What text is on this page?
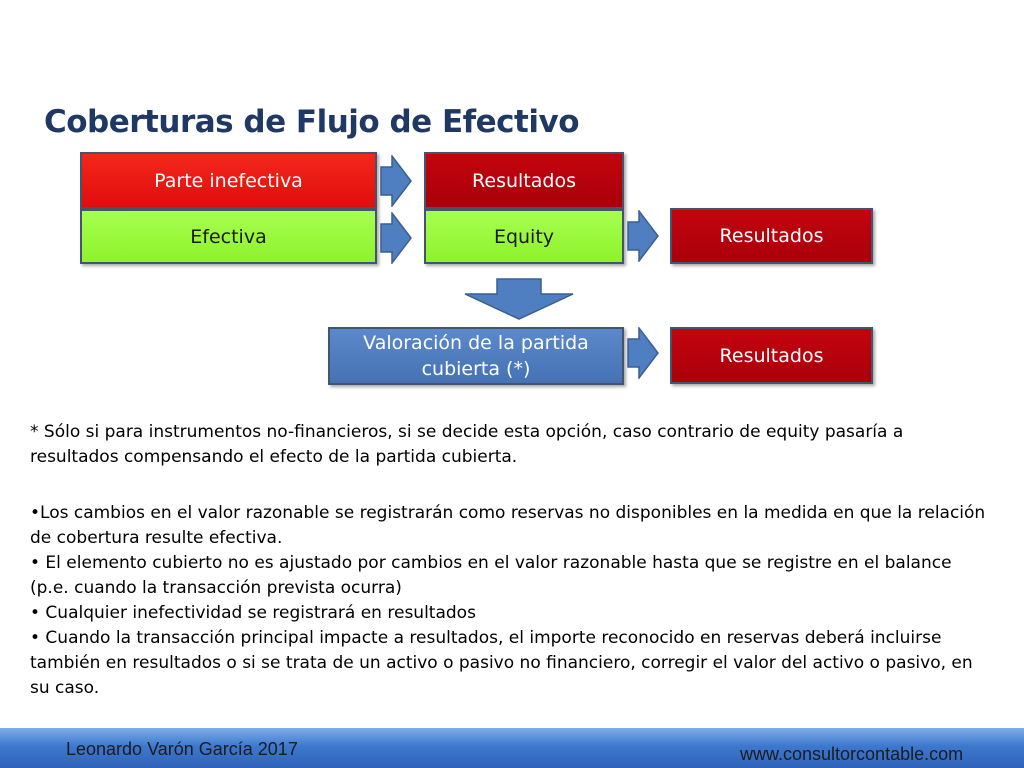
Coberturas de Flujo de Efectivo
Parte inefectiva	Resultados
Efectiva	Equity	Resultados
Valoración de la partida
cubierta (*)
Resultados

* Sólo si para instrumentos no-financieros, si se decide esta opción, caso contrario de equity pasaría a resultados compensando el efecto de la partida cubierta.

•Los cambios en el valor razonable se registrarán como reservas no disponibles en la medida en que la relación de cobertura resulte efectiva.

• El elemento cubierto no es ajustado por cambios en el valor razonable hasta que se registre en el balance (p.e. cuando la transacción prevista ocurra)

• Cualquier inefectividad se registrará en resultados

• Cuando la transacción principal impacte a resultados, el importe reconocido en reservas deberá incluirse también en resultados o si se trata de un activo o pasivo no financiero, corregir el valor del activo o pasivo, en su caso.

Leonardo Varón García 2017	www.consultorcontable.com
